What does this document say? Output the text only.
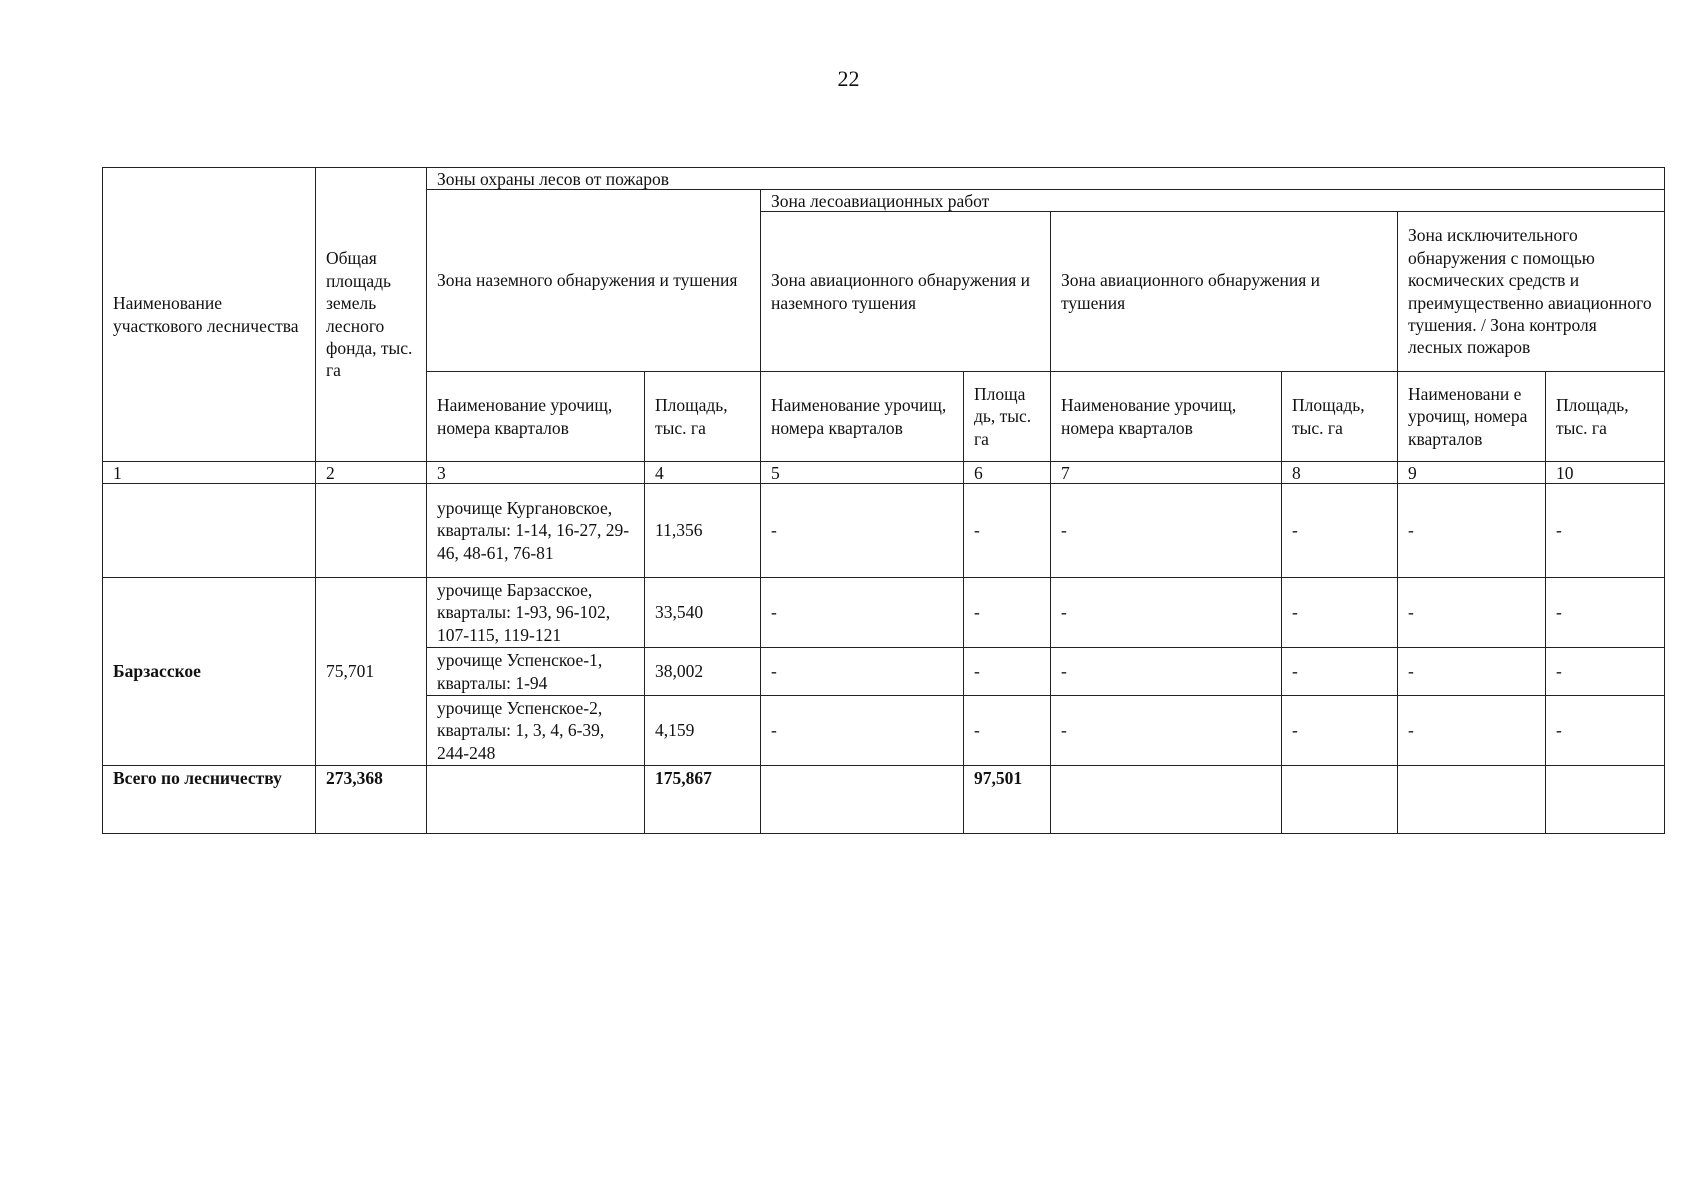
22
Наименование участкового лесничества	Общая площадь земель лесного фонда, тыс. га	Зоны охраны лесов от пожаров							
		Зона наземного обнаружения и тушения		Зона лесоавиационных работ					
				Зона авиационного обнаружения и наземного тушения		Зона авиационного обнаружения и тушения		Зона исключительного обнаружения с помощью космических средств и преимущественно авиационного тушения. / Зона контроля лесных пожаров	
		Наименование урочищ, номера кварталов	Площадь, тыс. га	Наименование урочищ, номера кварталов	Площа дь, тыс. га	Наименование урочищ, номера кварталов	Площадь, тыс. га	Наименовани е урочищ, номера кварталов	Площадь, тыс. га
1	2	3	4	5	6	7	8	9	10
		урочище Кургановское, кварталы: 1-14, 16-27, 29-46, 48-61, 76-81	11,356	-	-	-	-	-	-
Барзасское	75,701	урочище Барзасское, кварталы: 1-93, 96-102, 107-115, 119-121	33,540	-	-	-	-	-	-
		урочище Успенское-1, кварталы: 1-94	38,002	-	-	-	-	-	-
		урочище Успенское-2, кварталы: 1, 3, 4, 6-39, 244-248	4,159	-	-	-	-	-	-
Всего по лесничеству	273,368		175,867		97,501				
